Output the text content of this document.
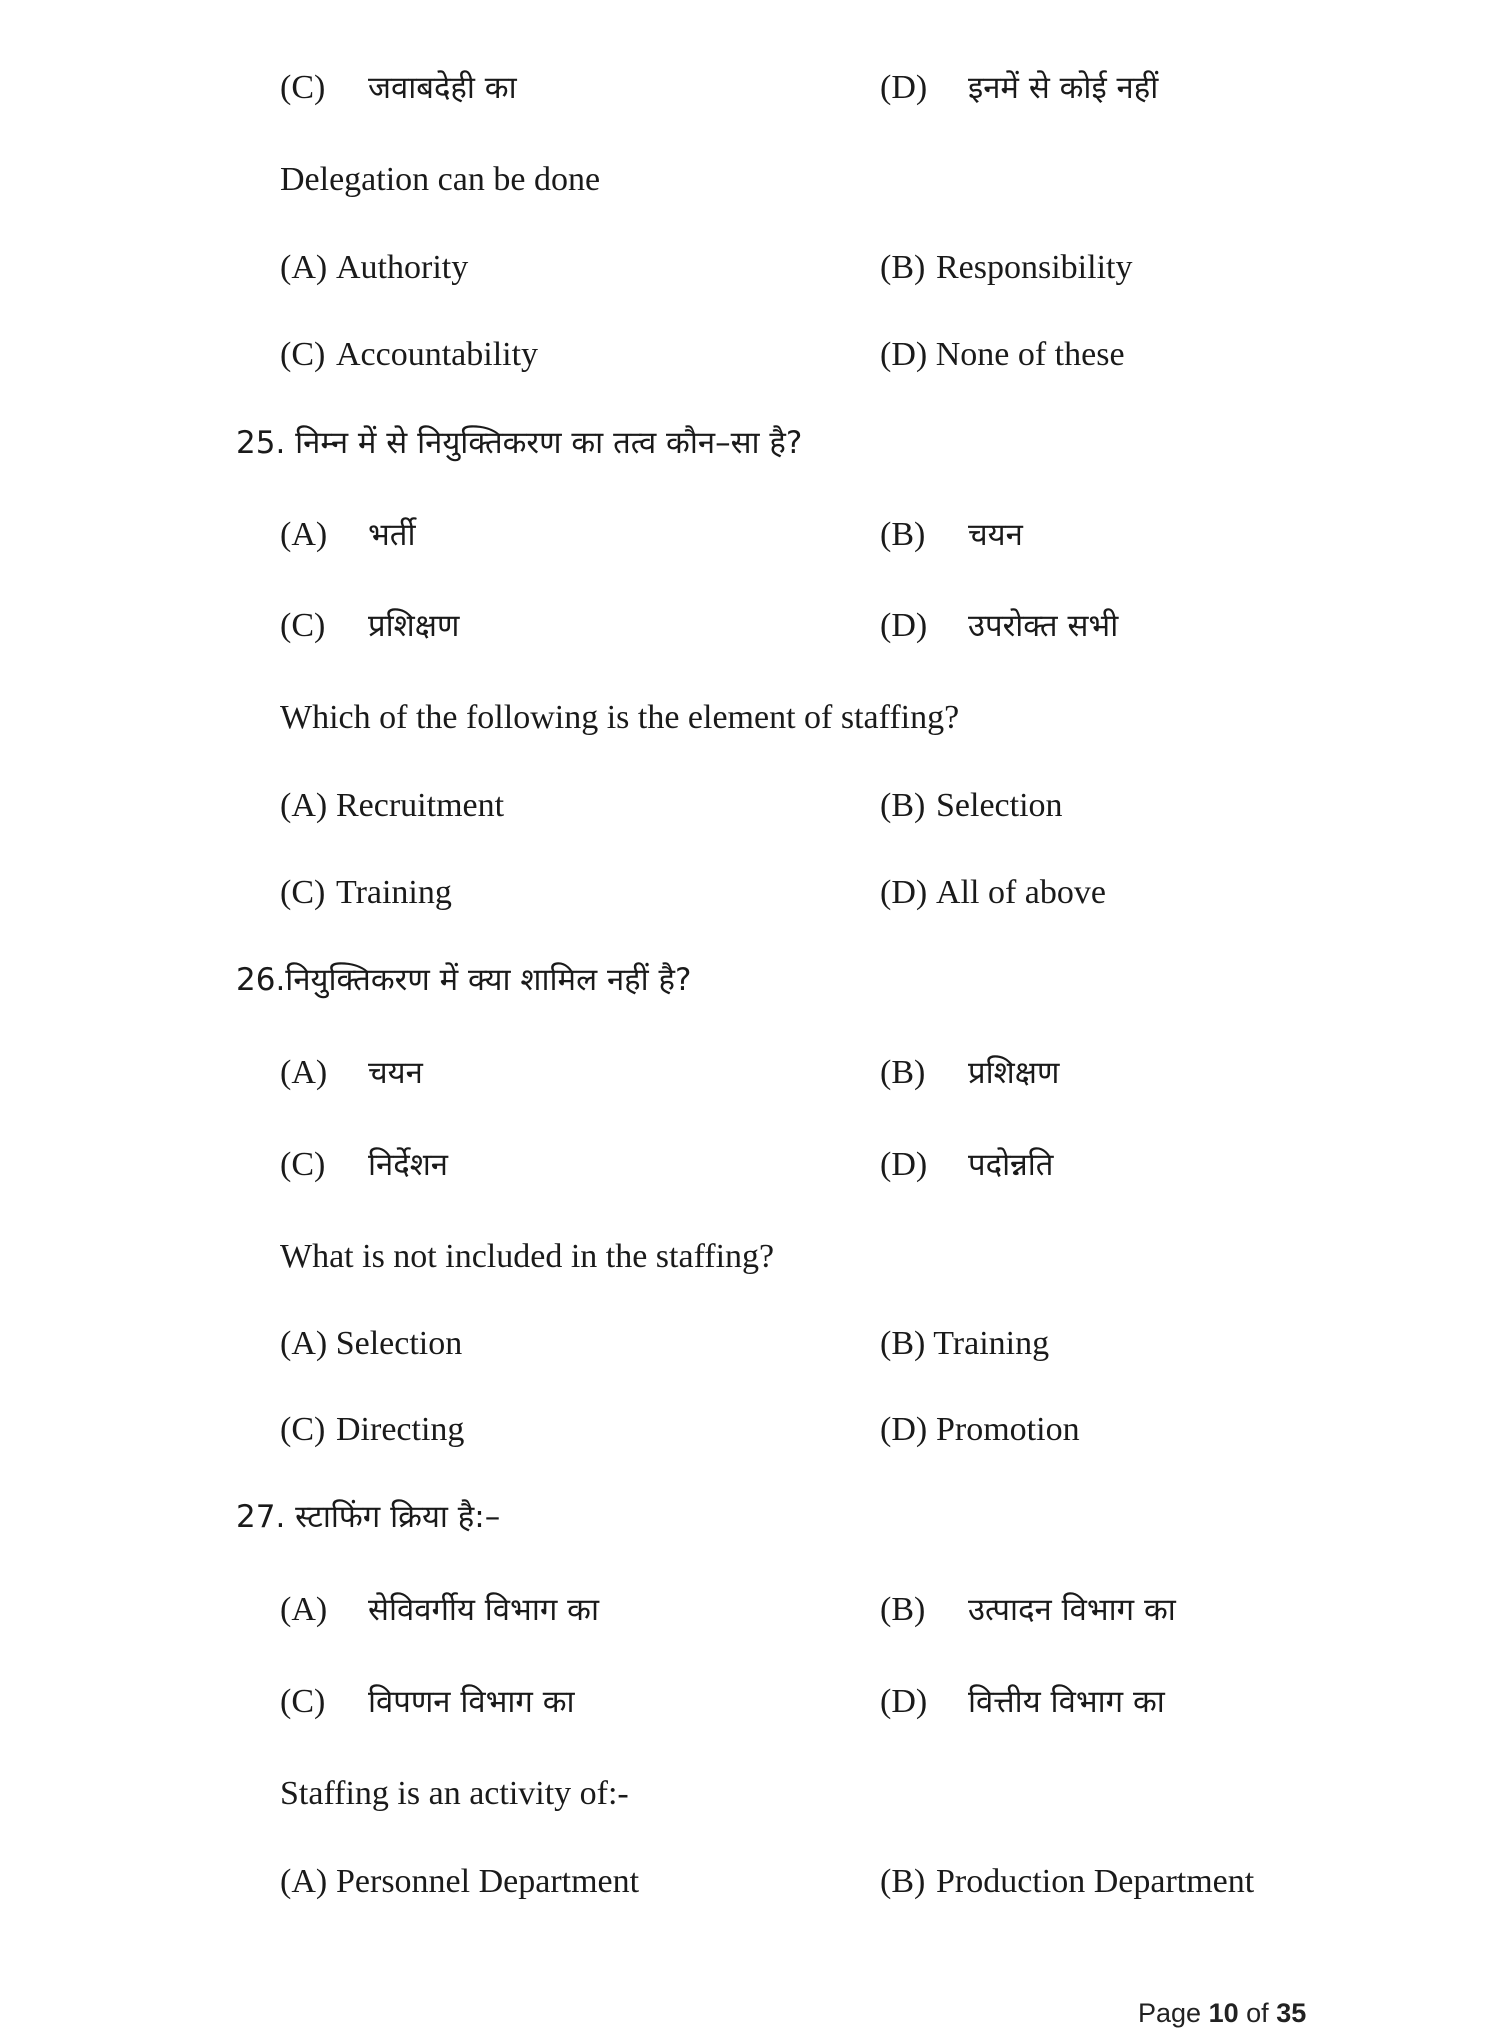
(C) जवाबदेही का	(D) इनमें से कोई नहीं
Delegation can be done
(A) Authority	(B) Responsibility
(C) Accountability	(D) None of these
25. निम्न में से नियुक्तिकरण का तत्व कौन–सा है?
(A) भर्ती	(B) चयन
(C) प्रशिक्षण	(D) उपरोक्त सभी
Which of the following is the element of staffing?
(A) Recruitment	(B) Selection
(C) Training	(D) All of above
26.नियुक्तिकरण में क्या शामिल नहीं है?
(A) चयन	(B) प्रशिक्षण
(C) निर्देशन	(D) पदोन्नति
What is not included in the staffing?
(A) Selection	(B) Training
(C) Directing	(D) Promotion
27. स्टाफिंग क्रिया है:–
(A) सेविवर्गीय विभाग का	(B) उत्पादन विभाग का
(C) विपणन विभाग का	(D) वित्तीय विभाग का
Staffing is an activity of:-
(A) Personnel Department	(B) Production Department
Page 10 of 35
